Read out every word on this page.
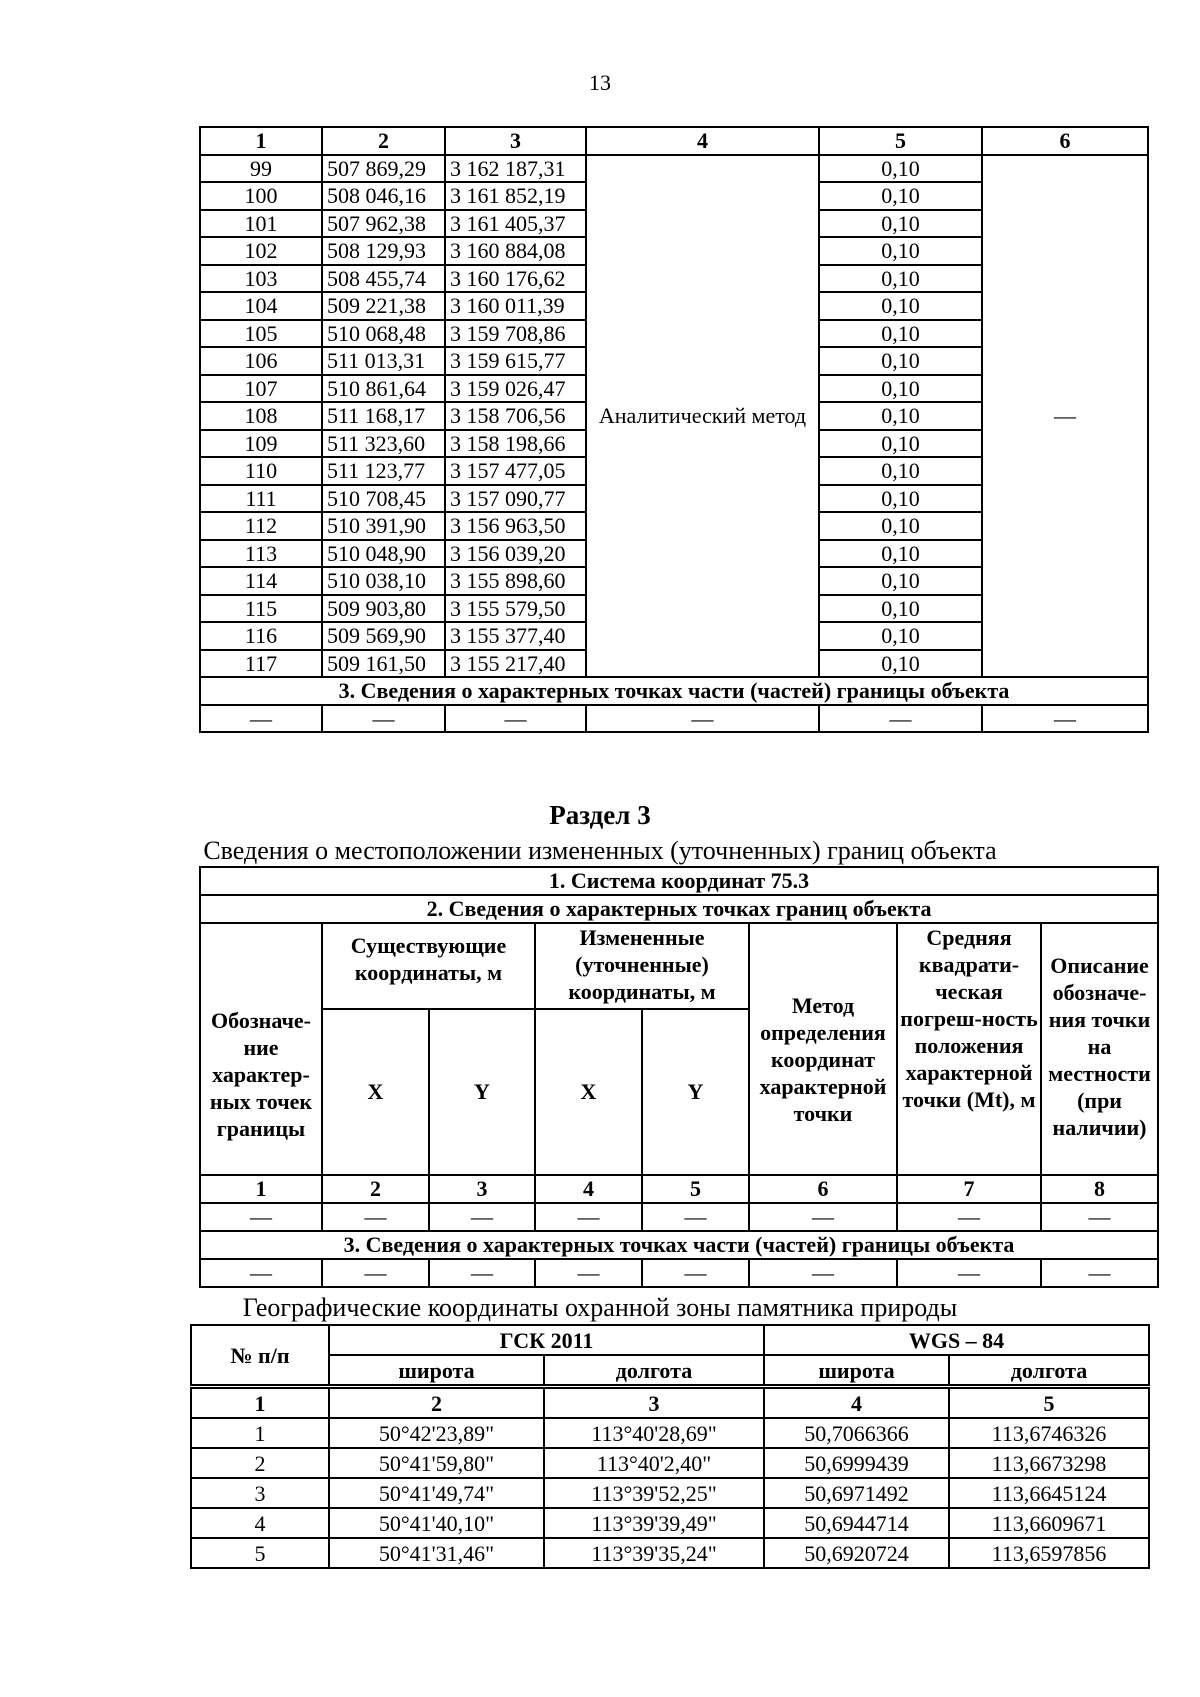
13
1	2	3	4	5	6
99	507 869,29	3 162 187,31	Аналитический метод	0,10	—
100	508 046,16	3 161 852,19		0,10	
101	507 962,38	3 161 405,37		0,10	
102	508 129,93	3 160 884,08		0,10	
103	508 455,74	3 160 176,62		0,10	
104	509 221,38	3 160 011,39		0,10	
105	510 068,48	3 159 708,86		0,10	
106	511 013,31	3 159 615,77		0,10	
107	510 861,64	3 159 026,47		0,10	
108	511 168,17	3 158 706,56		0,10	
109	511 323,60	3 158 198,66		0,10	
110	511 123,77	3 157 477,05		0,10	
111	510 708,45	3 157 090,77		0,10	
112	510 391,90	3 156 963,50		0,10	
113	510 048,90	3 156 039,20		0,10	
114	510 038,10	3 155 898,60		0,10	
115	509 903,80	3 155 579,50		0,10	
116	509 569,90	3 155 377,40		0,10	
117	509 161,50	3 155 217,40		0,10	
3. Сведения о характерных точках части (частей) границы объекта					
—	—	—	—	—	—
Раздел 3
Сведения о местоположении измененных (уточненных) границ объекта
1. Система координат 75.3							
2. Сведения о характерных точках границ объекта							
Обозначе-ние характер-ных точек границы	Существующие координаты, м		Измененные (уточненные) координаты, м		Метод определения координат характерной точки	Средняя квадрати-ческая погреш-ность положения характерной точки (Mt), м	Описание обозначе-ния точки на местности (при наличии)
	X	Y	X	Y			
1	2	3	4	5	6	7	8
—	—	—	—	—	—	—	—
3. Сведения о характерных точках части (частей) границы объекта							
—	—	—	—	—	—	—	—
Географические координаты охранной зоны памятника природы
№ п/п	ГСК 2011		WGS – 84	
	широта	долгота	широта	долгота
1	2	3	4	5
1	50°42'23,89"	113°40'28,69"	50,7066366	113,6746326
2	50°41'59,80"	113°40'2,40"	50,6999439	113,6673298
3	50°41'49,74"	113°39'52,25"	50,6971492	113,6645124
4	50°41'40,10"	113°39'39,49"	50,6944714	113,6609671
5	50°41'31,46"	113°39'35,24"	50,6920724	113,6597856
